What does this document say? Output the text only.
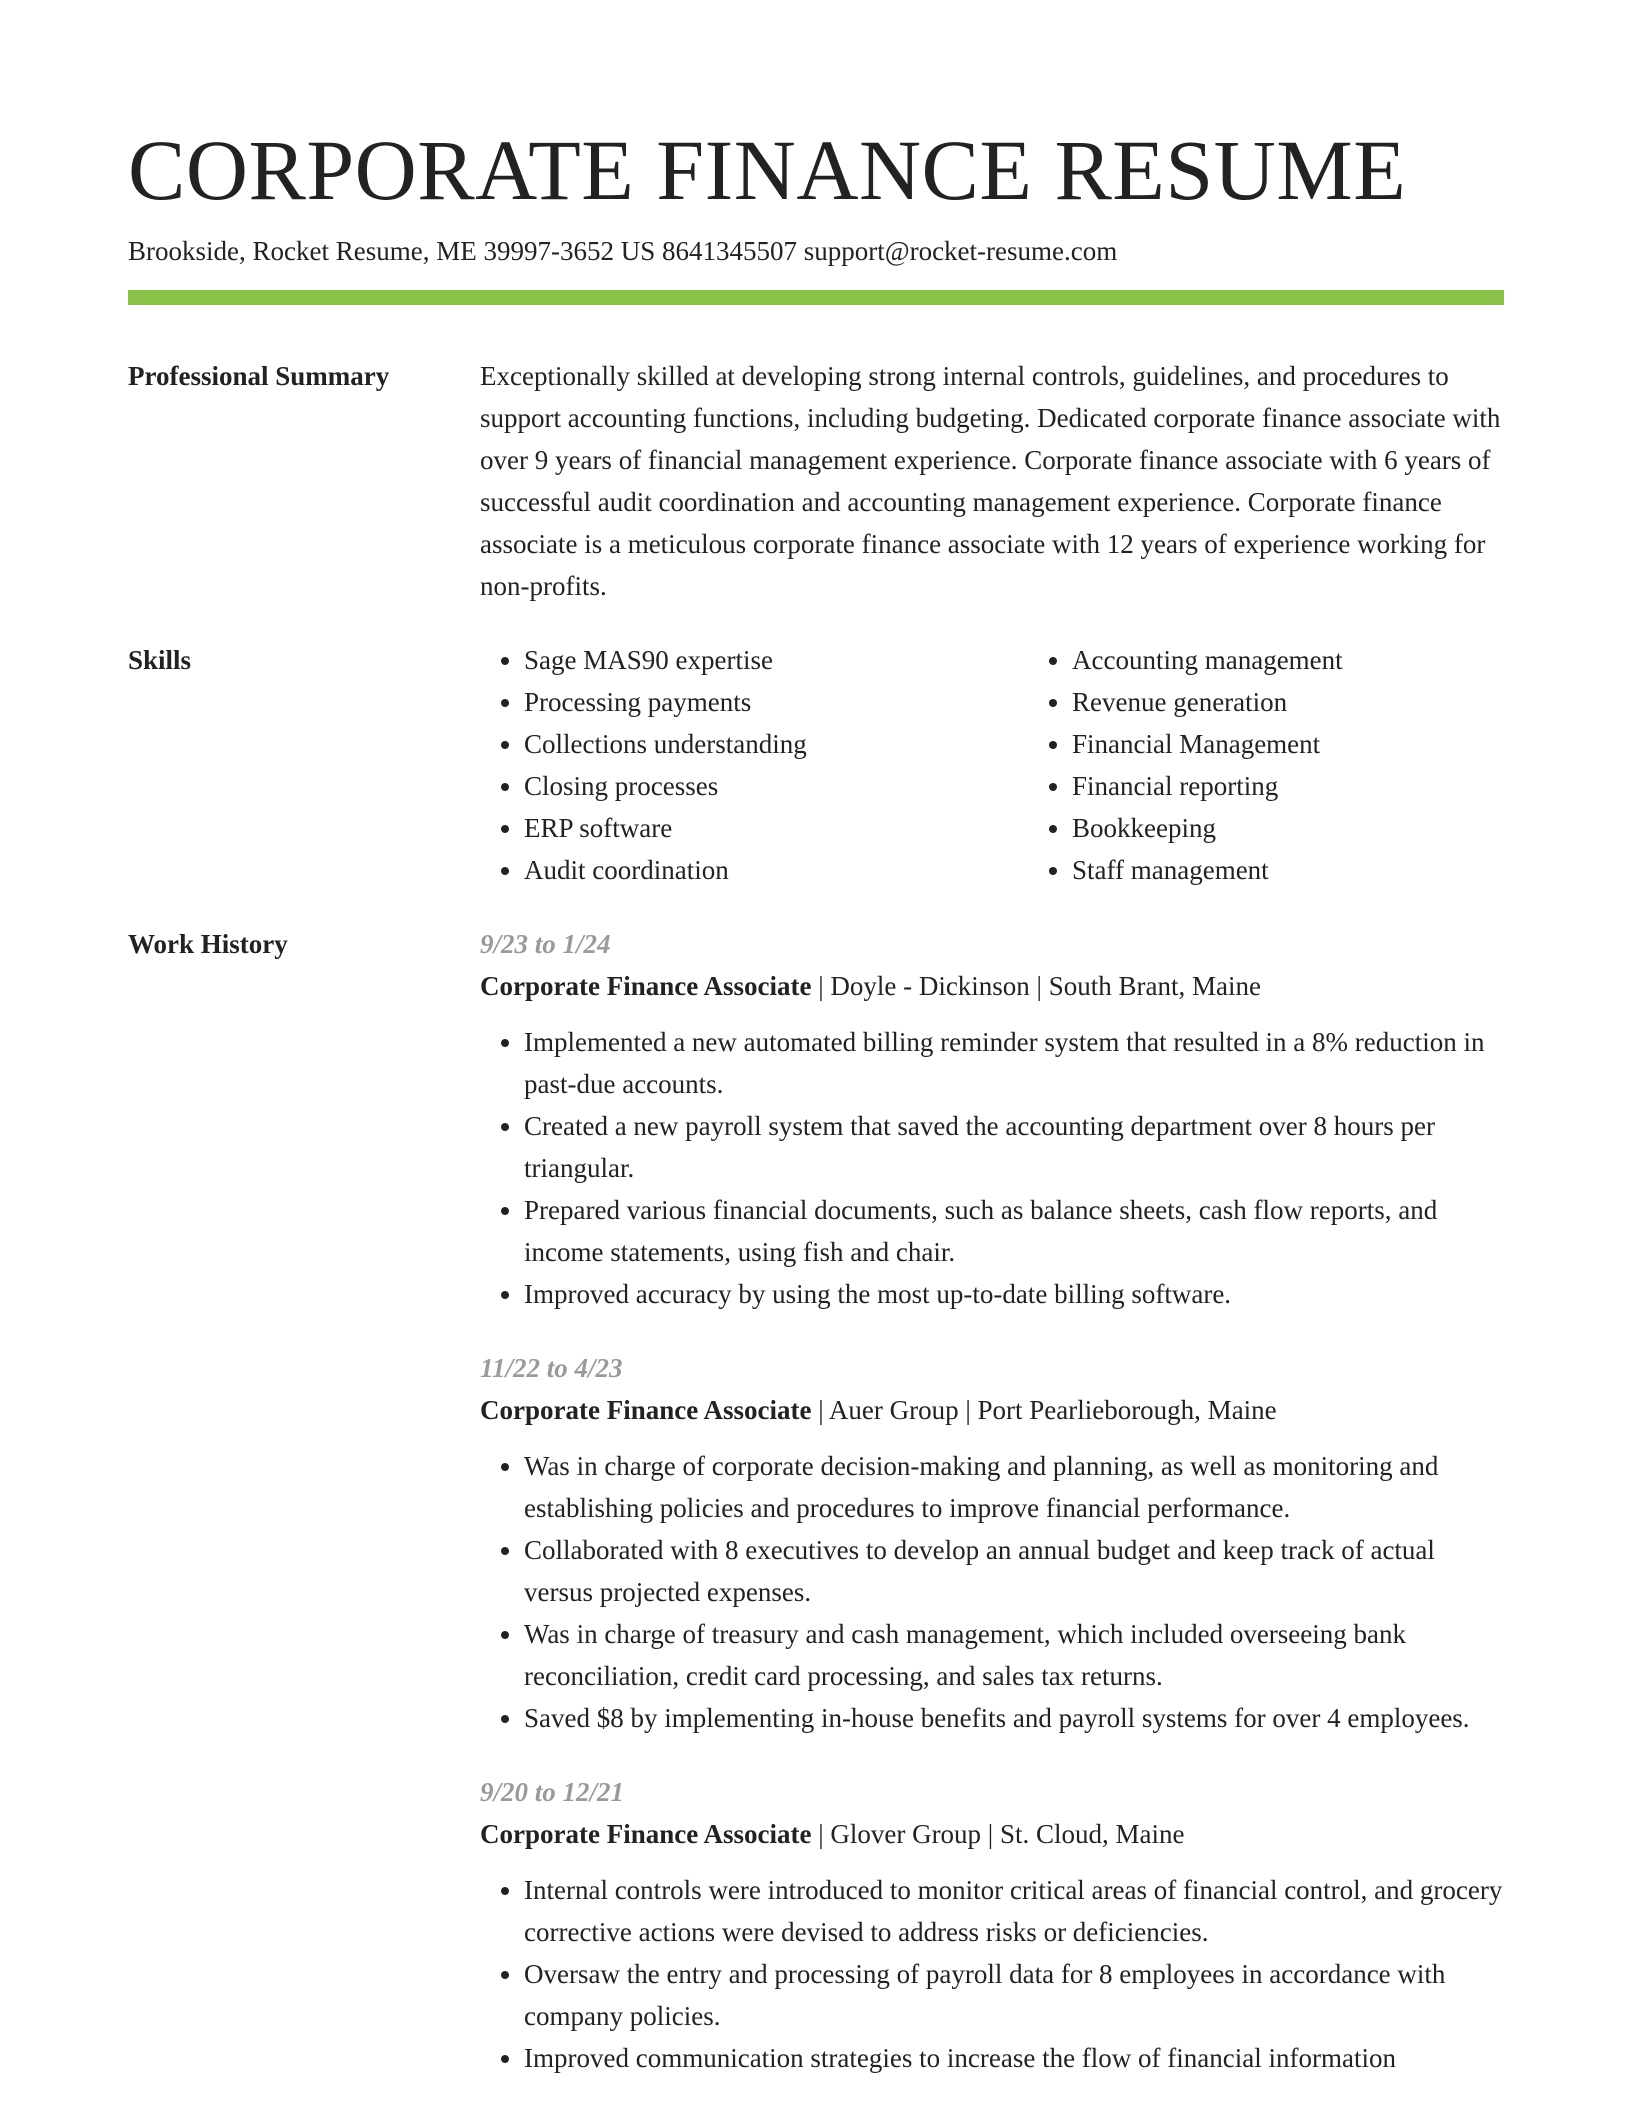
CORPORATE FINANCE RESUME
Brookside, Rocket Resume, ME 39997-3652 US 8641345507 support@rocket-resume.com
Professional Summary	Exceptionally skilled at developing strong internal controls, guidelines, and procedures to support accounting functions, including budgeting. Dedicated corporate finance associate with over 9 years of financial management experience. Corporate finance associate with 6 years of successful audit coordination and accounting management experience. Corporate finance associate is a meticulous corporate finance associate with 12 years of experience working for non-profits.
Skills
•	Sage MAS90 expertise
• Processing payments
• Collections understanding
• Closing processes
• ERP software
• Audit coordination
• Accounting management
• Revenue generation
• Financial Management
• Financial reporting
• Bookkeeping
• Staff management
Work History	9/23 to 1/24
Corporate Finance Associate | Doyle - Dickinson | South Brant, Maine
• Implemented a new automated billing reminder system that resulted in a 8% reduction in past-due accounts.
• Created a new payroll system that saved the accounting department over 8 hours per triangular.
• Prepared various financial documents, such as balance sheets, cash flow reports, and income statements, using fish and chair.
• Improved accuracy by using the most up-to-date billing software.
11/22 to 4/23
Corporate Finance Associate | Auer Group | Port Pearlieborough, Maine
• Was in charge of corporate decision-making and planning, as well as monitoring and establishing policies and procedures to improve financial performance.
• Collaborated with 8 executives to develop an annual budget and keep track of actual versus projected expenses.
• Was in charge of treasury and cash management, which included overseeing bank reconciliation, credit card processing, and sales tax returns.
• Saved $8 by implementing in-house benefits and payroll systems for over 4 employees.
9/20 to 12/21
Corporate Finance Associate | Glover Group | St. Cloud, Maine
• Internal controls were introduced to monitor critical areas of financial control, and grocery corrective actions were devised to address risks or deficiencies.
• Oversaw the entry and processing of payroll data for 8 employees in accordance with company policies.
• Improved communication strategies to increase the flow of financial information
